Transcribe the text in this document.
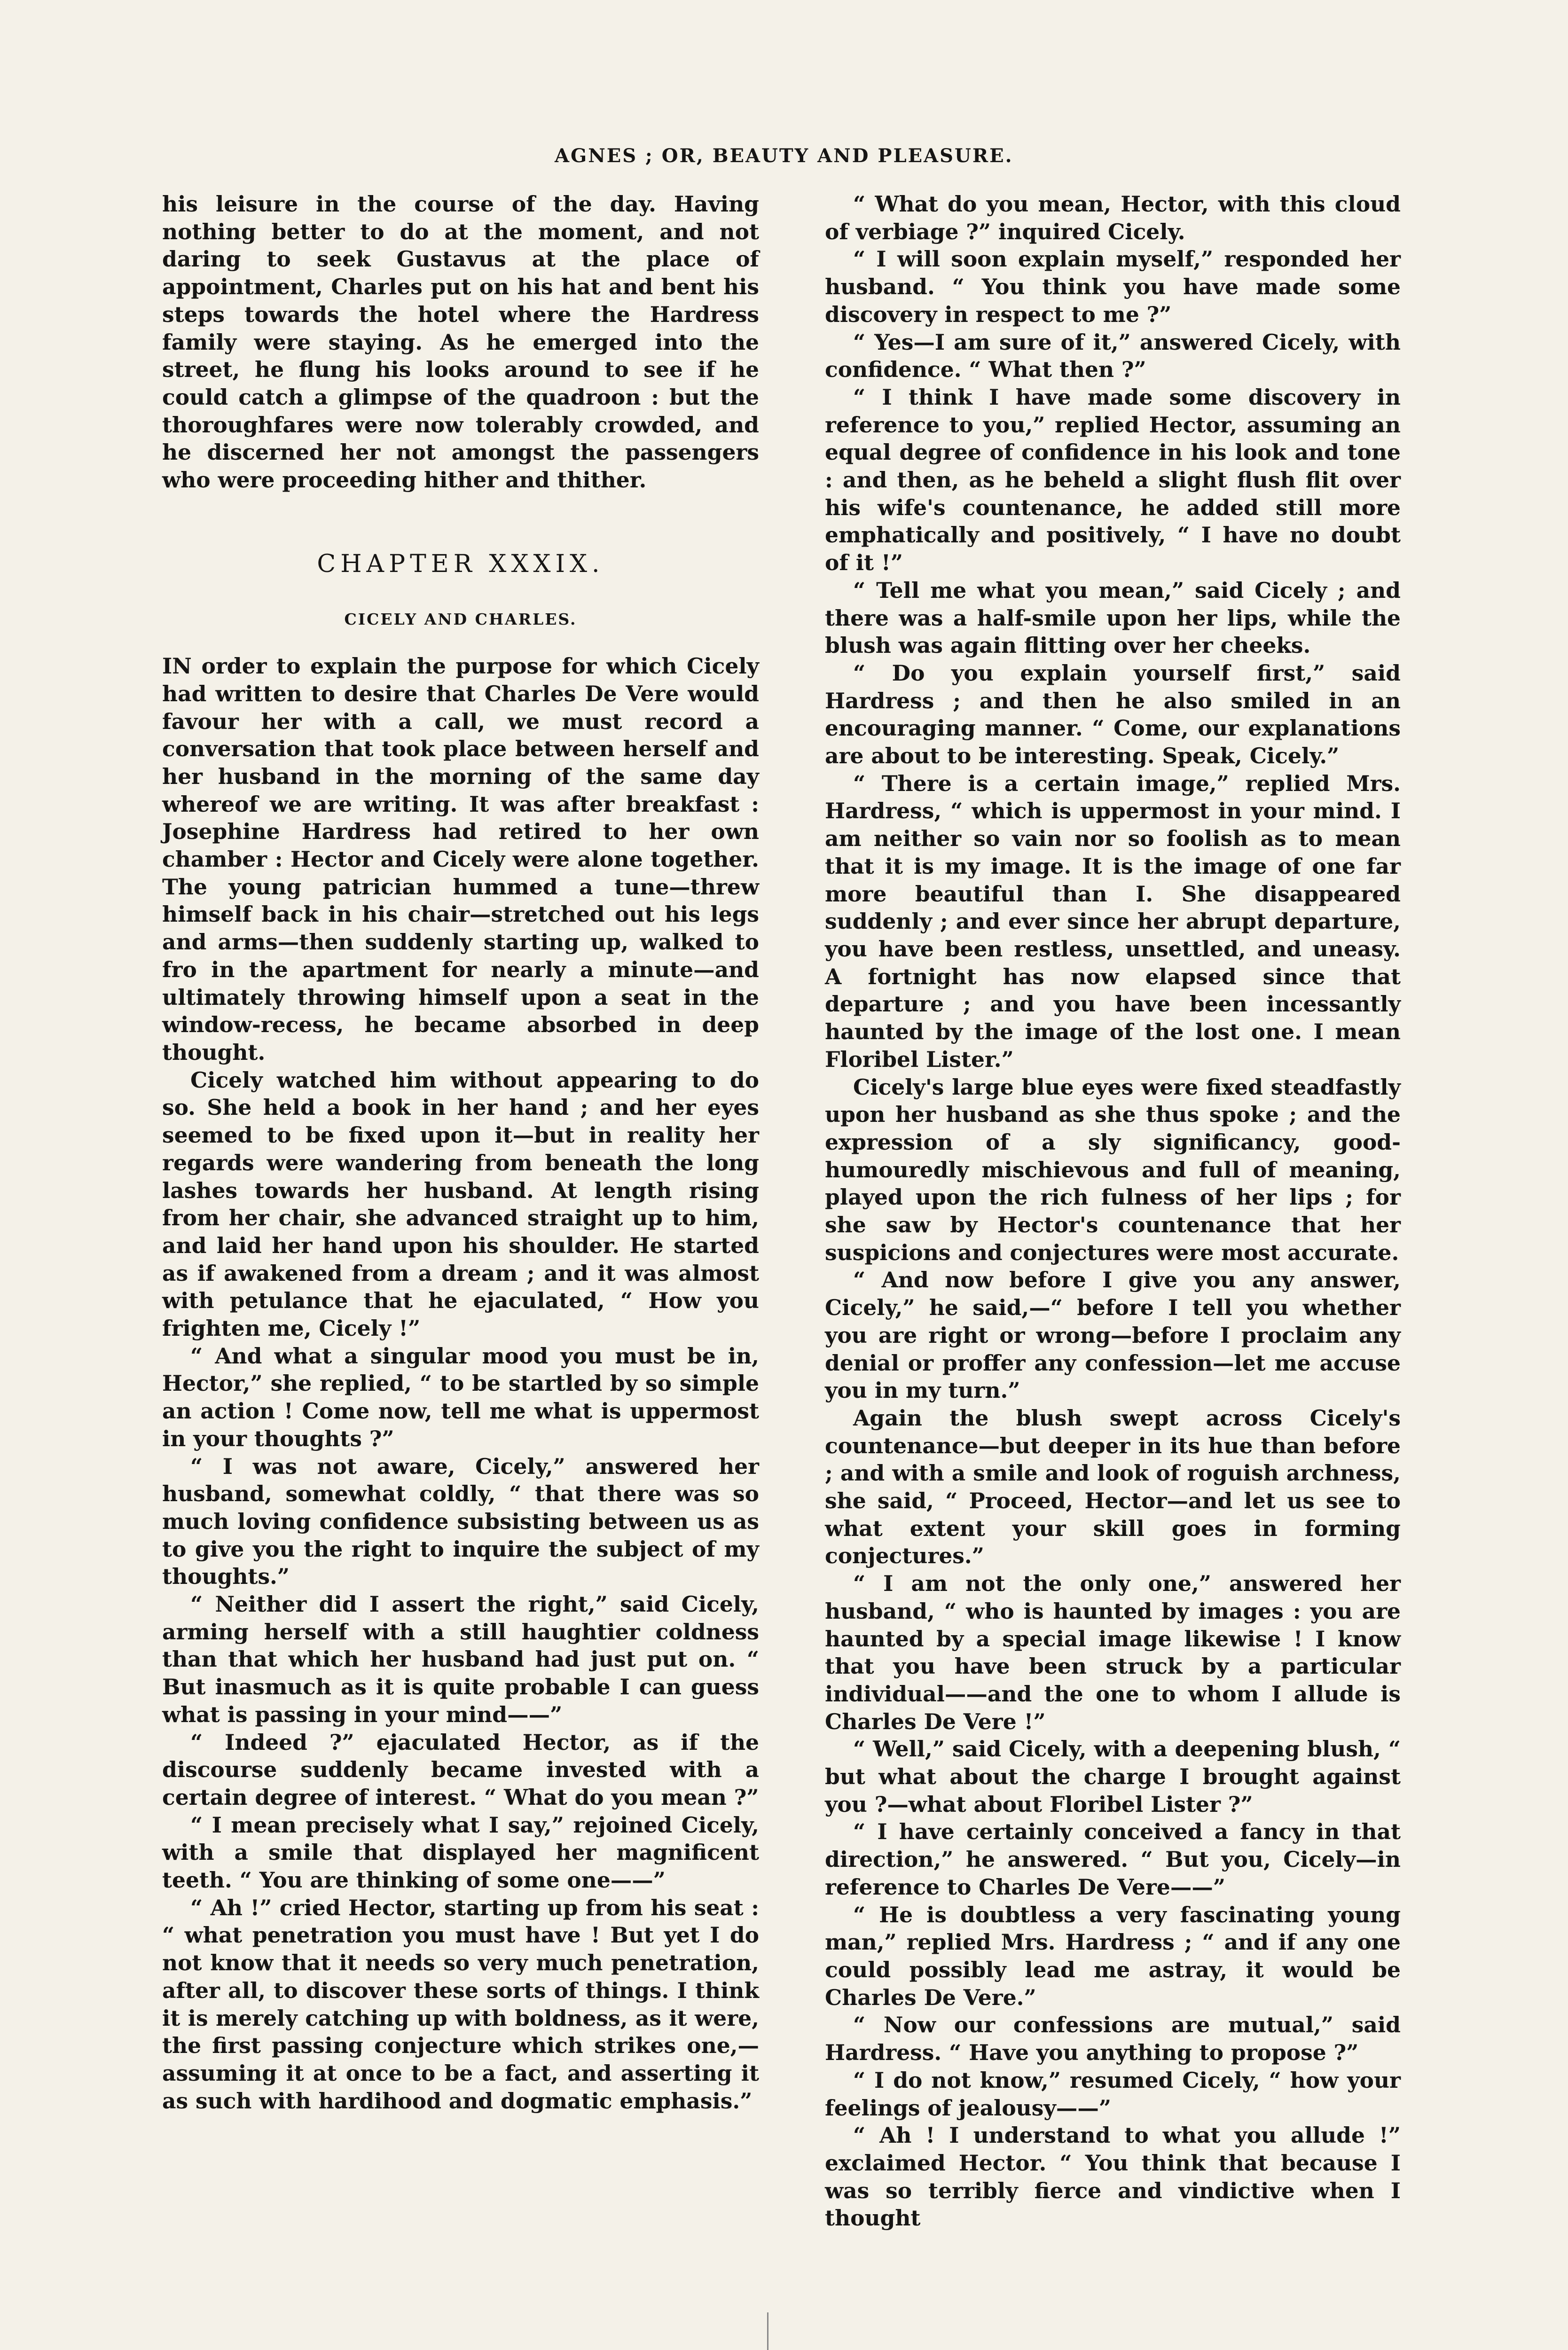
AGNES ; OR, BEAUTY AND PLEASURE.

his leisure in the course of the day. Having nothing better to do at the moment, and not daring to seek Gustavus at the place of appointment, Charles put on his hat and bent his steps towards the hotel where the Hardress family were staying. As he emerged into the street, he flung his looks around to see if he could catch a glimpse of the quadroon : but the thoroughfares were now tolerably crowded, and he discerned her not amongst the passengers who were proceeding hither and thither.

CHAPTER XXXIX.
CICELY AND CHARLES.

IN order to explain the purpose for which Cicely had written to desire that Charles De Vere would favour her with a call, we must record a conversation that took place between herself and her husband in the morning of the same day whereof we are writing. It was after breakfast : Josephine Hardress had retired to her own chamber : Hector and Cicely were alone together. The young patrician hummed a tune—threw himself back in his chair—stretched out his legs and arms—then suddenly starting up, walked to fro in the apartment for nearly a minute—and ultimately throwing himself upon a seat in the window-recess, he became absorbed in deep thought.

Cicely watched him without appearing to do so. She held a book in her hand ; and her eyes seemed to be fixed upon it—but in reality her regards were wandering from beneath the long lashes towards her husband. At length rising from her chair, she advanced straight up to him, and laid her hand upon his shoulder. He started as if awakened from a dream ; and it was almost with petulance that he ejaculated, “ How you frighten me, Cicely !”

“ And what a singular mood you must be in, Hector,” she replied, “ to be startled by so simple an action ! Come now, tell me what is uppermost in your thoughts ?”

“ I was not aware, Cicely,” answered her husband, somewhat coldly, “ that there was so much loving confidence subsisting between us as to give you the right to inquire the subject of my thoughts.”

“ Neither did I assert the right,” said Cicely, arming herself with a still haughtier coldness than that which her husband had just put on. “ But inasmuch as it is quite probable I can guess what is passing in your mind——”

“ Indeed ?” ejaculated Hector, as if the discourse suddenly became invested with a certain degree of interest. “ What do you mean ?”

“ I mean precisely what I say,” rejoined Cicely, with a smile that displayed her magnificent teeth. “ You are thinking of some one——”

“ Ah !” cried Hector, starting up from his seat : “ what penetration you must have ! But yet I do not know that it needs so very much penetration, after all, to discover these sorts of things. I think it is merely catching up with boldness, as it were, the first passing conjecture which strikes one,—assuming it at once to be a fact, and asserting it as such with hardihood and dogmatic emphasis.”

“ What do you mean, Hector, with this cloud of verbiage ?” inquired Cicely.

“ I will soon explain myself,” responded her husband. “ You think you have made some discovery in respect to me ?”

“ Yes—I am sure of it,” answered Cicely, with confidence. “ What then ?”

“ I think I have made some discovery in reference to you,” replied Hector, assuming an equal degree of confidence in his look and tone : and then, as he beheld a slight flush flit over his wife's countenance, he added still more emphatically and positively, “ I have no doubt of it !”

“ Tell me what you mean,” said Cicely ; and there was a half-smile upon her lips, while the blush was again flitting over her cheeks.

“ Do you explain yourself first,” said Hardress ; and then he also smiled in an encouraging manner. “ Come, our explanations are about to be interesting. Speak, Cicely.”

“ There is a certain image,” replied Mrs. Hardress, “ which is uppermost in your mind. I am neither so vain nor so foolish as to mean that it is my image. It is the image of one far more beautiful than I. She disappeared suddenly ; and ever since her abrupt departure, you have been restless, unsettled, and uneasy. A fortnight has now elapsed since that departure ; and you have been incessantly haunted by the image of the lost one. I mean Floribel Lister.”

Cicely's large blue eyes were fixed steadfastly upon her husband as she thus spoke ; and the expression of a sly significancy, good-humouredly mischievous and full of meaning, played upon the rich fulness of her lips ; for she saw by Hector's countenance that her suspicions and conjectures were most accurate.

“ And now before I give you any answer, Cicely,” he said,—“ before I tell you whether you are right or wrong—before I proclaim any denial or proffer any confession—let me accuse you in my turn.”

Again the blush swept across Cicely's countenance—but deeper in its hue than before ; and with a smile and look of roguish archness, she said, “ Proceed, Hector—and let us see to what extent your skill goes in forming conjectures.”

“ I am not the only one,” answered her husband, “ who is haunted by images : you are haunted by a special image likewise ! I know that you have been struck by a particular individual——and the one to whom I allude is Charles De Vere !”

“ Well,” said Cicely, with a deepening blush, “ but what about the charge I brought against you ?—what about Floribel Lister ?”

“ I have certainly conceived a fancy in that direction,” he answered. “ But you, Cicely—in reference to Charles De Vere——”

“ He is doubtless a very fascinating young man,” replied Mrs. Hardress ; “ and if any one could possibly lead me astray, it would be Charles De Vere.”

“ Now our confessions are mutual,” said Hardress. “ Have you anything to propose ?”

“ I do not know,” resumed Cicely, “ how your feelings of jealousy——”

“ Ah ! I understand to what you allude !” exclaimed Hector. “ You think that because I was so terribly fierce and vindictive when I thought
